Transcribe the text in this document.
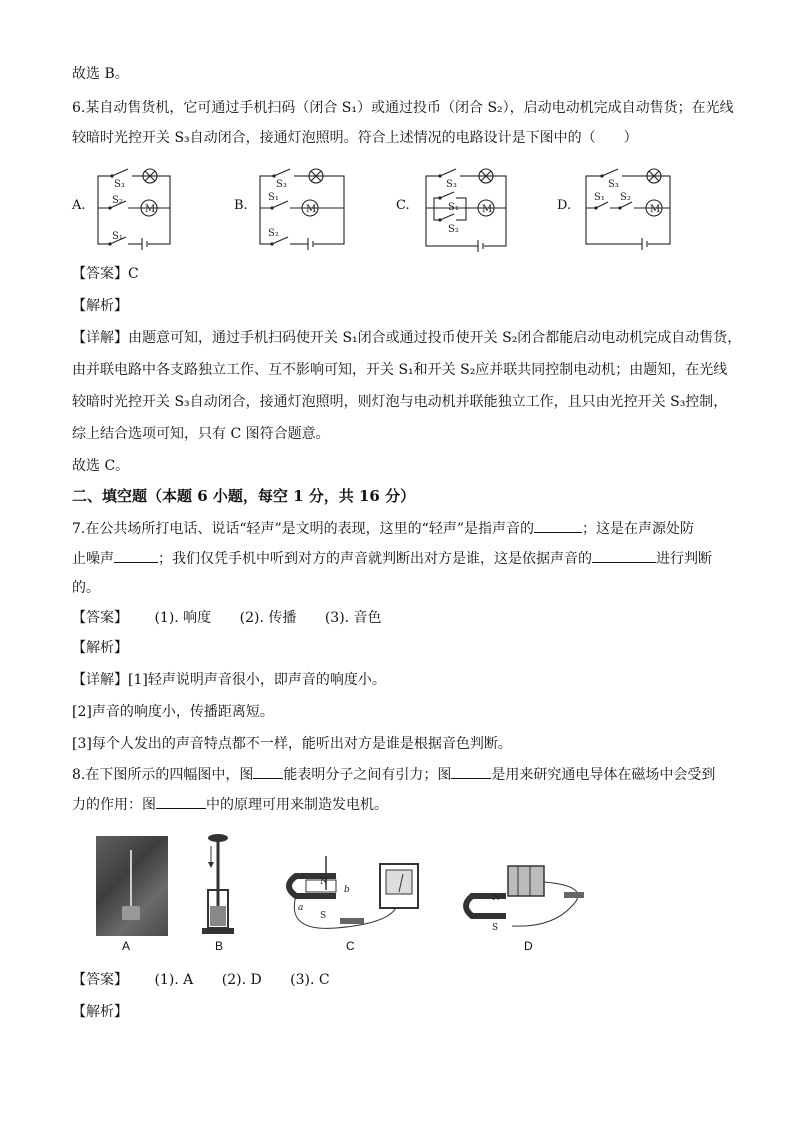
故选 B。
6.某自动售货机，它可通过手机扫码（闭合 S₁）或通过投币（闭合 S₂），启动电动机完成自动售货；在光线
较暗时光控开关 S₃自动闭合，接通灯泡照明。符合上述情况的电路设计是下图中的（　　）
A.	B.	C.	D.
S₃
S₂
M
S₁
S₃
S₁
M
S₂
S₃
S₁
S₂
M
S₃
S₁ S₂
M
【答案】C
【解析】
【详解】由题意可知，通过手机扫码使开关 S₁闭合或通过投币使开关 S₂闭合都能启动电动机完成自动售货，
由并联电路中各支路独立工作、互不影响可知，开关 S₁和开关 S₂应并联共同控制电动机；由题知，在光线
较暗时光控开关 S₃自动闭合，接通灯泡照明，则灯泡与电动机并联能独立工作，且只由光控开关 S₃控制，
综上结合选项可知，只有 C 图符合题意。
故选 C。
二、填空题（本题 6 小题，每空 1 分，共 16 分）
7.在公共场所打电话、说话“轻声”是文明的表现，这里的“轻声”是指声音的	；这是在声源处防
止噪声	；我们仅凭手机中听到对方的声音就判断出对方是谁，这是依据声音的	进行判断
的。
【答案】 (1). 响度 (2). 传播 (3). 音色
【解析】
【详解】[1]轻声说明声音很小，即声音的响度小。
[2]声音的响度小，传播距离短。
[3]每个人发出的声音特点都不一样，能听出对方是谁是根据音色判断。
8.在下图所示的四幅图中，图 能表明分子之间有引力；图	是用来研究通电导体在磁场中会受到
力的作用：图	中的原理可用来制造发电机。
A	B
N
S
b
a
C
N
S
D
【答案】 (1). A (2). D (3). C
【解析】
